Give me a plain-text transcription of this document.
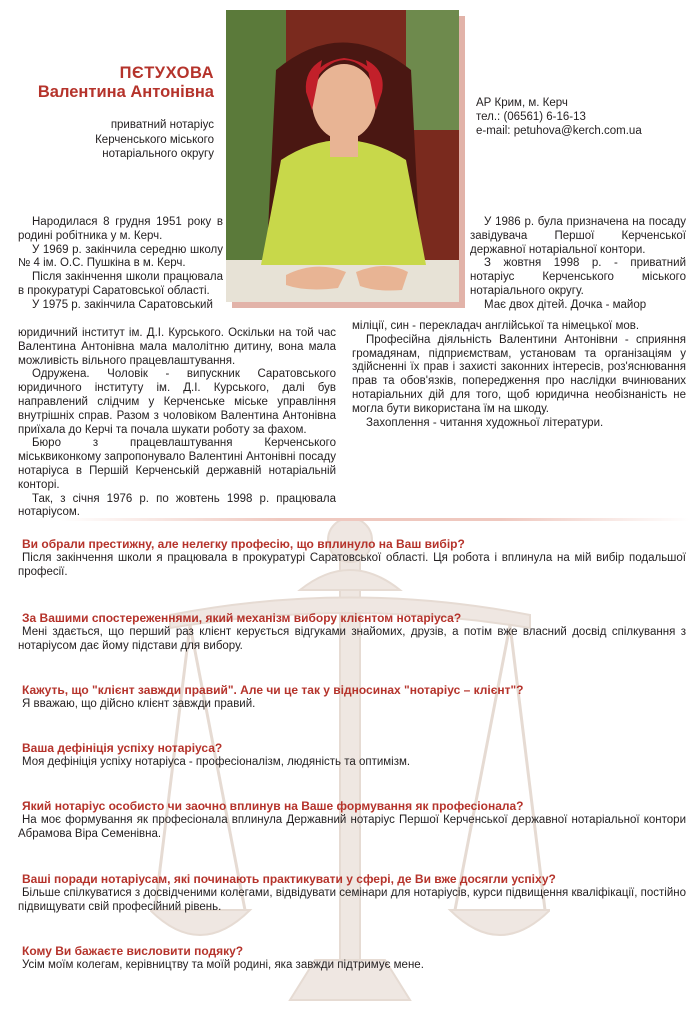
ПЄТУХОВА
Валентина Антонівна
приватний нотаріус
Керченського міського
нотаріального округу
АР Крим, м. Керч
тел.: (06561) 6-16-13
e-mail: petuhova@kerch.com.ua

Народилася 8 грудня 1951 року в родині робітника у м. Керч.

У 1969 р. закінчила середню школу № 4 ім. О.С. Пушкіна в м. Керч.

Після закінчення школи працювала в прокуратурі Саратовської області.

У 1975 р. закінчила Саратовський

юридичний інститут ім. Д.І. Курського. Оскільки на той час Валентина Антонівна мала малолітню дитину, вона мала можливість вільного працевлаштування.

Одружена. Чоловік - випускник Саратовського юридичного інституту ім. Д.І. Курського, далі був направлений слідчим у Керченське міське управління внутрішніх справ. Разом з чоловіком Валентина Антонівна приїхала до Керчі та почала шукати роботу за фахом.

Бюро з працевлаштування Керченського міськвиконкому запропонувало Валентині Антонівні посаду нотаріуса в Першій Керченській державній нотаріальній конторі.

Так, з січня 1976 р. по жовтень 1998 р. працювала нотаріусом.

У 1986 р. була призначена на посаду завідувача Першої Керченської державної нотаріальної контори.

З жовтня 1998 р. - приватний нотаріус Керченського міського нотаріального округу.

Має двох дітей. Дочка - майор

міліції, син - перекладач англійської та німецької мов.

Професійна діяльність Валентини Антонівни - сприяння громадянам, підприємствам, установам та організаціям у здійсненні їх прав і захисті законних інтересів, роз'яснювання прав та обов'язків, попередження про наслідки вчинюваних нотаріальних дій для того, щоб юридична необізнаність не могла бути використана їм на шкоду.

Захоплення - читання художньої літератури.

Ви обрали престижну, але нелегку професію, що вплинуло на Ваш вибір?

Після закінчення школи я працювала в прокуратурі Саратовської області. Ця робота і вплинула на мій вибір подальшої професії.

За Вашими спостереженнями, який механізм вибору клієнтом нотаріуса?

Мені здається, що перший раз клієнт керується відгуками знайомих, друзів, а потім вже власний досвід спілкування з нотаріусом дає йому підстави для вибору.

Кажуть, що "клієнт завжди правий". Але чи це так у відносинах "нотаріус – клієнт"?

Я вважаю, що дійсно клієнт завжди правий.

Ваша дефініція успіху нотаріуса?

Моя дефініція успіху нотаріуса - професіоналізм, людяність та оптимізм.

Який нотаріус особисто чи заочно вплинув на Ваше формування як професіонала?

На моє формування як професіонала вплинула Державний нотаріус Першої Керченської державної нотаріальної контори Абрамова Віра Семенівна.

Ваші поради нотаріусам, які починають практикувати у сфері, де Ви вже досягли успіху?

Більше спілкуватися з досвідченими колегами, відвідувати семінари для нотаріусів, курси підвищення кваліфікації, постійно підвищувати свій професійний рівень.

Кому Ви бажаєте висловити подяку?

Усім моїм колегам, керівництву та моїй родині, яка завжди підтримує мене.
